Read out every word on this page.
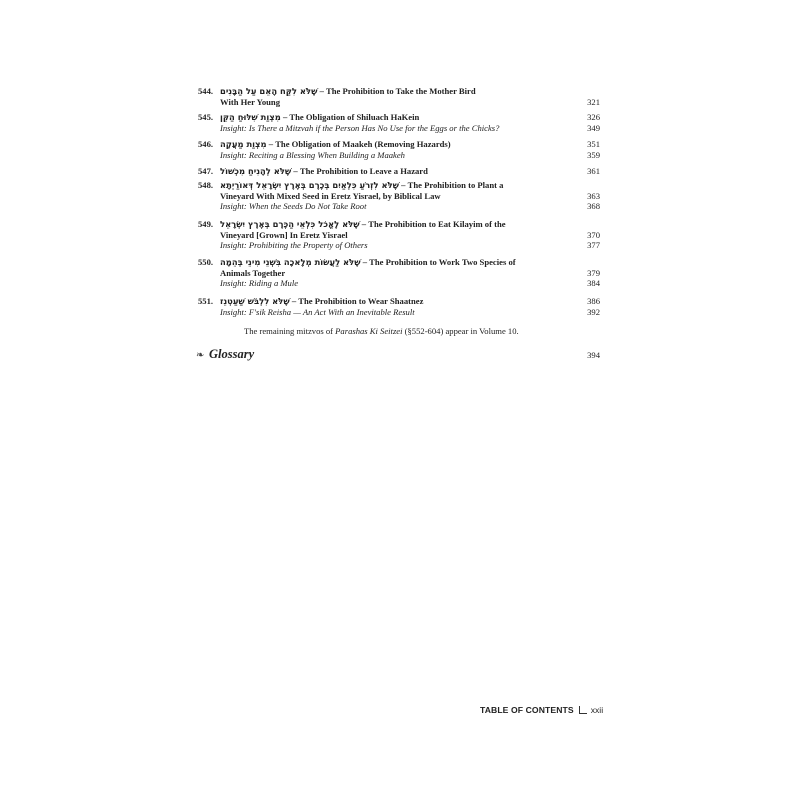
544. שֶׁלֹּא לִקַּח הָאֵם עַל הַבָּנִים – The Prohibition to Take the Mother Bird
With Her Young	321
545. מִצְוַת שִׁלּוּחַ הַקֵּן – The Obligation of Shiluach HaKein	326
Insight: Is There a Mitzvah if the Person Has No Use for the Eggs or the Chicks?	349
546. מִצְוַת מַעֲקֶה – The Obligation of Maakeh (Removing Hazards)	351
Insight: Reciting a Blessing When Building a Maakeh	359
547. שֶׁלֹּא לְהָנִיחַ מִכְשׁוֹל – The Prohibition to Leave a Hazard	361
548. שֶׁלֹּא לִזְרֹעַ כִּלְאַיִם בְּכֶרֶם בְּאֶרֶץ יִשְׂרָאֵל דְּאוֹרַיְתָא – The Prohibition to Plant a
Vineyard With Mixed Seed in Eretz Yisrael, by Biblical Law	363
Insight: When the Seeds Do Not Take Root	368
549. שֶׁלֹּא לֶאֱכֹל כִּלְאֵי הַכֶּרֶם בְּאֶרֶץ יִשְׂרָאֵל – The Prohibition to Eat Kilayim of the
Vineyard [Grown] In Eretz Yisrael	370
Insight: Prohibiting the Property of Others	377
550. שֶׁלֹּא לַעֲשׂוֹת מְלָאכָה בִּשְׁנֵי מִינֵי בְּהֵמָה – The Prohibition to Work Two Species of
Animals Together	379
Insight: Riding a Mule	384
551. שֶׁלֹּא לִלְבֹּשׁ שַׁעַטְנֵז – The Prohibition to Wear Shaatnez	386
Insight: F'sik Reisha — An Act With an Inevitable Result	392
The remaining mitzvos of Parashas Ki Seitzei (§552-604) appear in Volume 10.
❧ Glossary	394
TABLE OF CONTENTS xxii
